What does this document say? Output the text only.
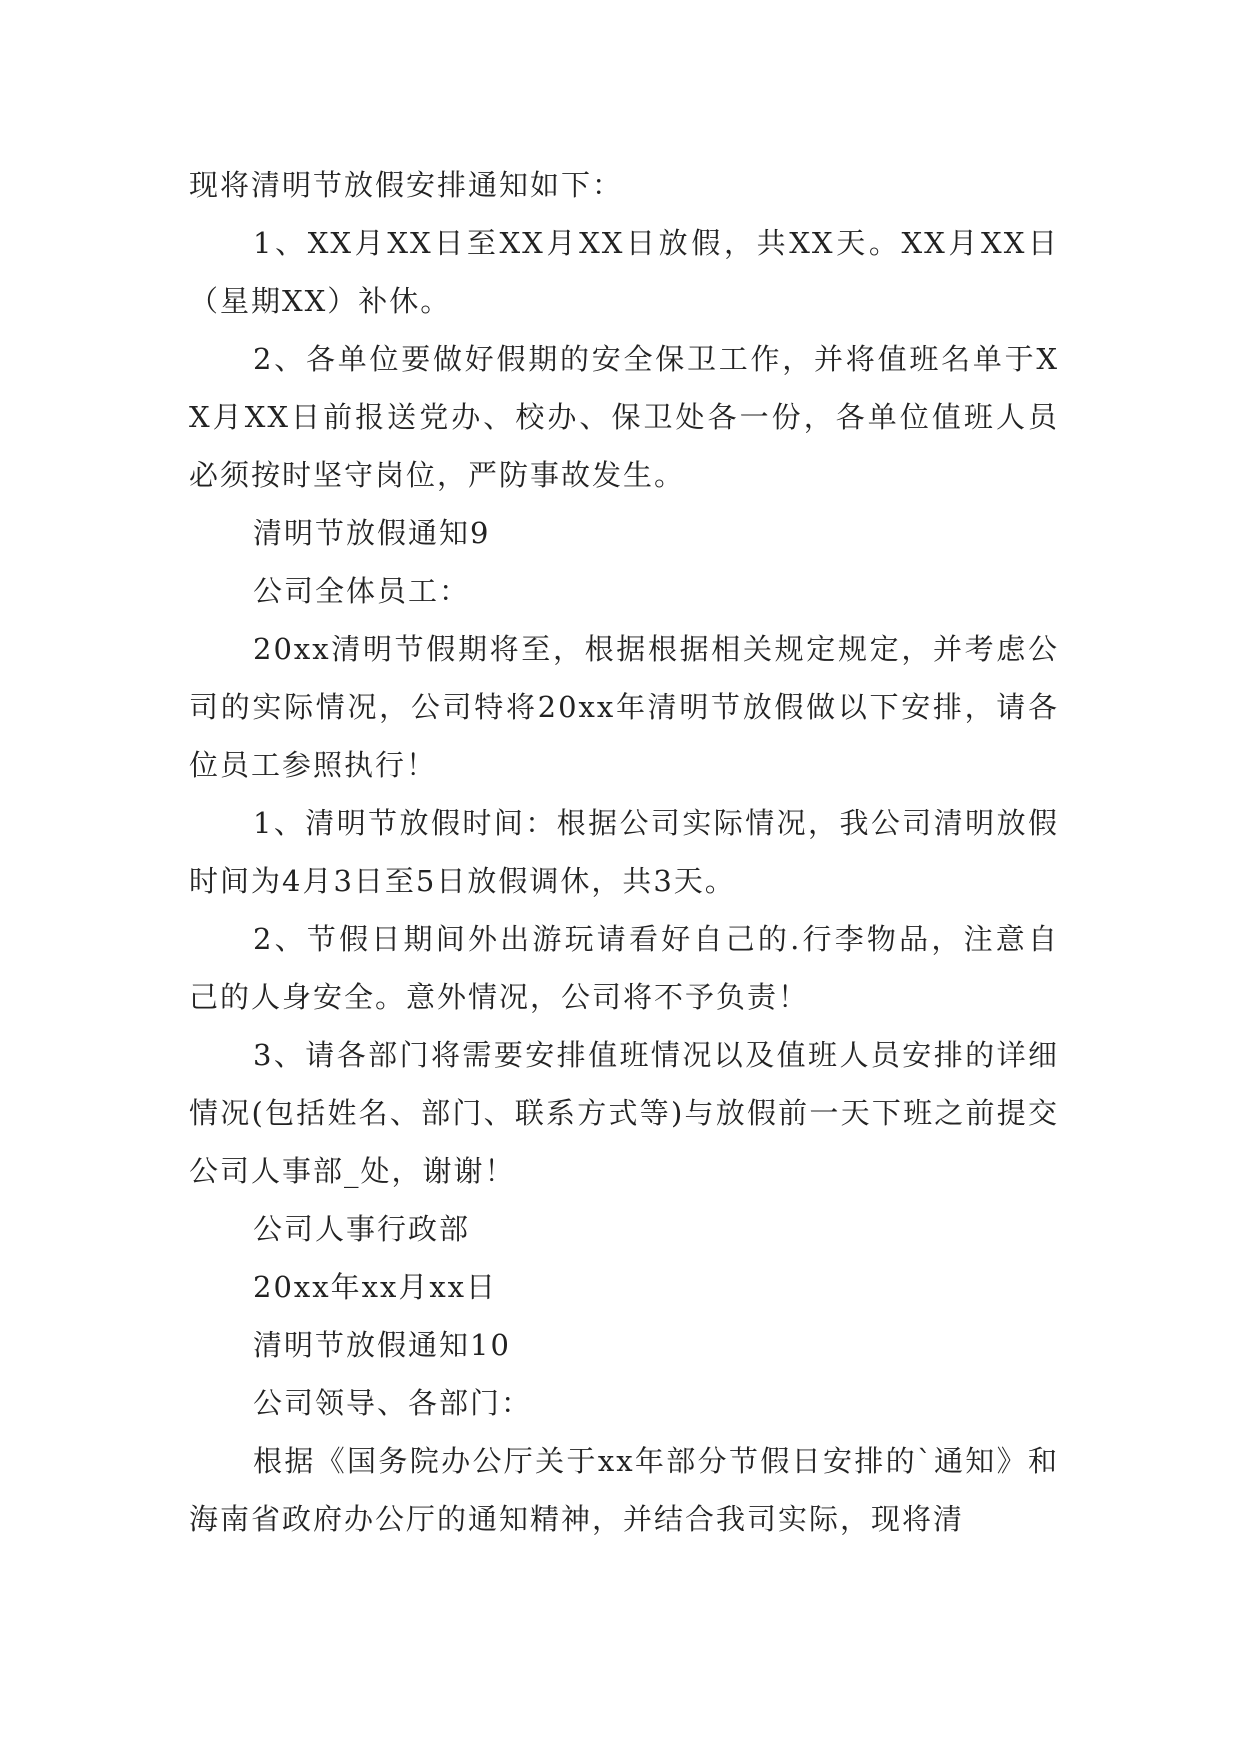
现将清明节放假安排通知如下：

1、XX月XX日至XX月XX日放假，共XX天。XX月XX日（星期XX）补休。

2、各单位要做好假期的安全保卫工作，并将值班名单于XX月XX日前报送党办、校办、保卫处各一份，各单位值班人员必须按时坚守岗位，严防事故发生。

清明节放假通知9

公司全体员工：

20xx清明节假期将至，根据根据相关规定规定，并考虑公司的实际情况，公司特将20xx年清明节放假做以下安排，请各位员工参照执行！

1、清明节放假时间：根据公司实际情况，我公司清明放假时间为4月3日至5日放假调休，共3天。

2、节假日期间外出游玩请看好自己的.行李物品，注意自己的人身安全。意外情况，公司将不予负责！

3、请各部门将需要安排值班情况以及值班人员安排的详细情况(包括姓名、部门、联系方式等)与放假前一天下班之前提交公司人事部_处，谢谢！

公司人事行政部

20xx年xx月xx日

清明节放假通知10

公司领导、各部门：

根据《国务院办公厅关于xx年部分节假日安排的`通知》和海南省政府办公厅的通知精神，并结合我司实际，现将清
